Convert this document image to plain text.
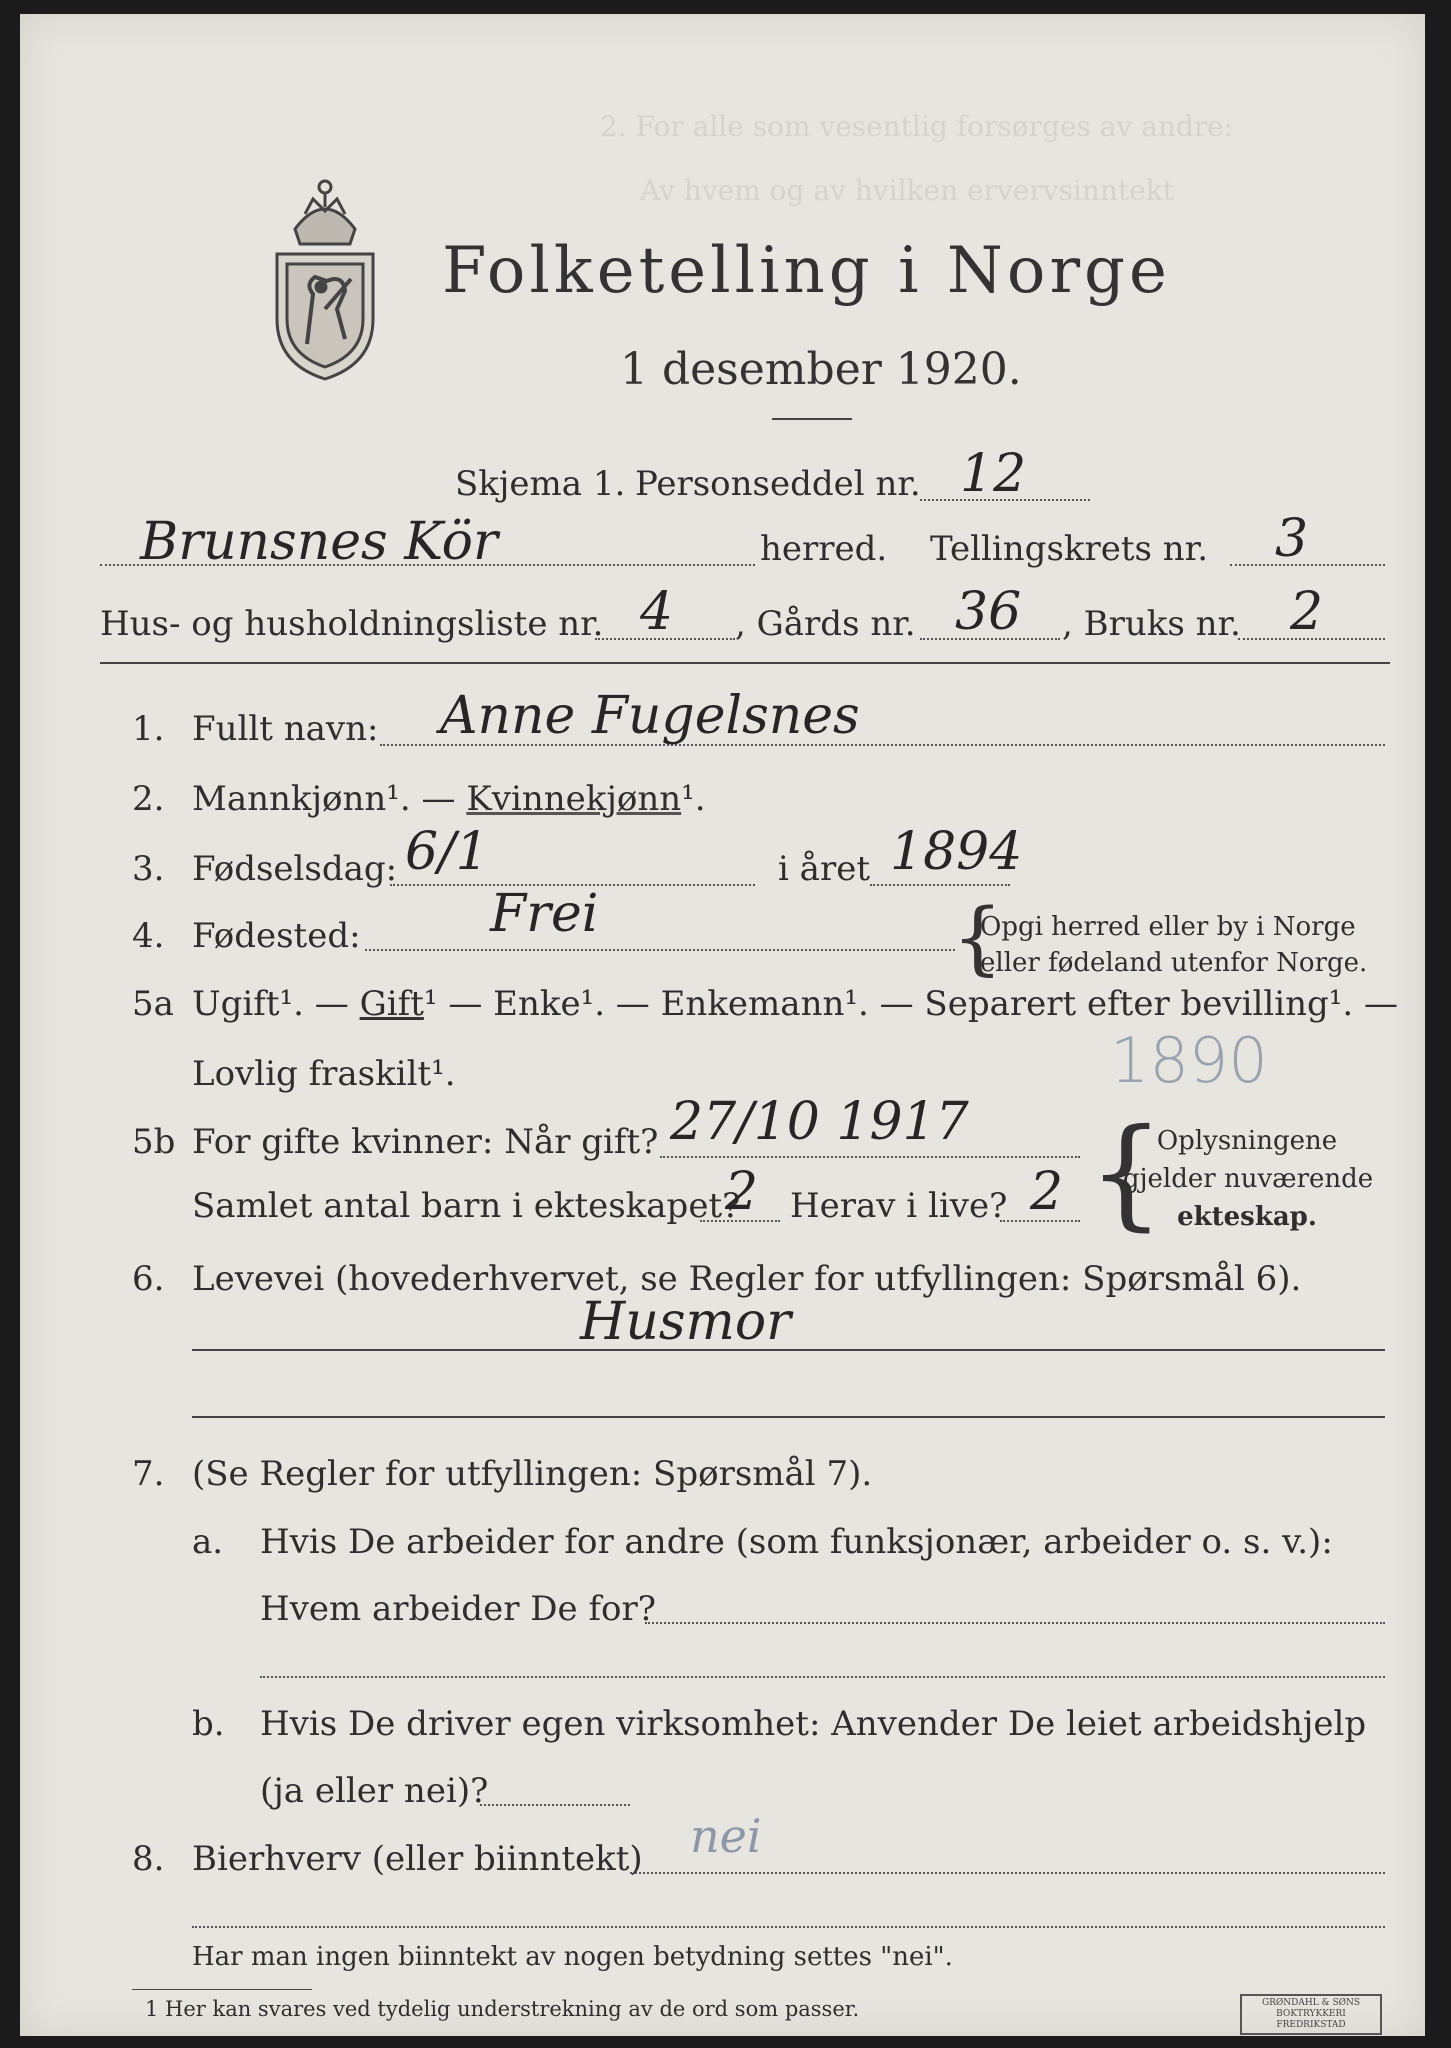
2. For alle som vesentlig forsørges av andre:
Av hvem og av hvilken ervervsinntekt
Folketelling i Norge
1 desember 1920.
Skjema 1. Personseddel nr. 12
Brunsnes Kör	herred. Tellingskrets nr. 3
Hus- og husholdningsliste nr. 4 , Gårds nr. 36 , Bruks nr. 2
1. Fullt navn: Anne Fugelsnes
2. Mannkjønn¹. — Kvinnekjønn¹.
3. Fødselsdag: 6/1	i året 1894
4. Fødested: Frei	{
Opgi herred eller by i Norge
eller fødeland utenfor Norge.
5a Ugift¹. — Gift¹ — Enke¹. — Enkemann¹. — Separert efter bevilling¹. —
Lovlig fraskilt¹.	1890
5b For gifte kvinner: Når gift? 27/10 1917
Samlet antal barn i ekteskapet?
2 Herav i live? 2 {
Oplysningene
gjelder nuværende
ekteskap.
6. Levevei (hovederhvervet, se Regler for utfyllingen: Spørsmål 6).
Husmor
7. (Se Regler for utfyllingen: Spørsmål 7).
a. Hvis De arbeider for andre (som funksjonær, arbeider o. s. v.):
Hvem arbeider De for?
b. Hvis De driver egen virksomhet: Anvender De leiet arbeidshjelp
(ja eller nei)?
8. Bierhverv (eller biinntekt) nei
Har man ingen biinntekt av nogen betydning settes "nei".
1 Her kan svares ved tydelig understrekning av de ord som passer.	GRØNDAHL & SØNS BOKTRYKKERI
FREDRIKSTAD
